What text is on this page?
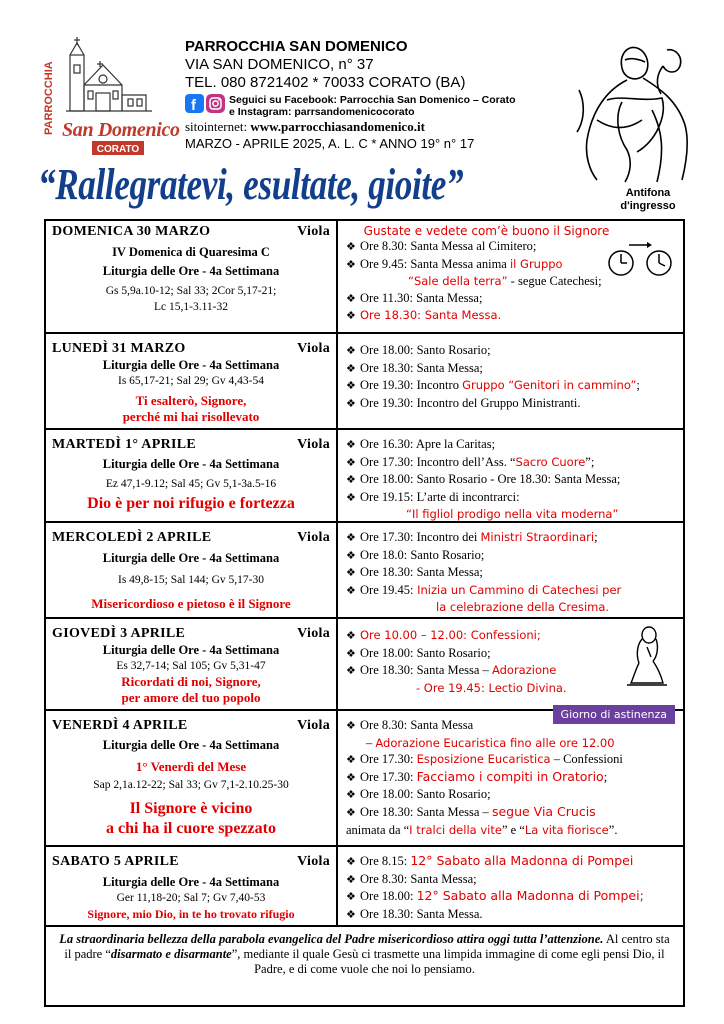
PARROCCHIA San Domenico
CORATO
PARROCCHIA SAN DOMENICO
VIA SAN DOMENICO, n° 37
TEL. 080 8721402 * 70033 CORATO (BA)
f	Seguici su Facebook: Parrocchia San Domenico – Corato
e Instagram: parrsandomenicocorato
sitointernet: www.parrocchiasandomenico.it
MARZO - APRILE 2025, A. L. C * ANNO 19° n° 17
Antifona d'ingresso
“Rallegratevi, esultate, gioite”
DOMENICA 30 MARZO	Viola
IV Domenica di Quaresima C
Liturgia delle Ore - 4a Settimana
Gs 5,9a.10-12; Sal 33; 2Cor 5,17-21;
Lc 15,1-3.11-32
Gustate e vedete com’è buono il Signore
❖ Ore 8.30: Santa Messa al Cimitero;
❖ Ore 9.45: Santa Messa anima il Gruppo
“Sale della terra” - segue Catechesi;
❖ Ore 11.30: Santa Messa;
❖ Ore 18.30: Santa Messa.
LUNEDÌ 31 MARZO	Viola
Liturgia delle Ore - 4a Settimana
Is 65,17-21; Sal 29; Gv 4,43-54
Ti esalterò, Signore,
perché mi hai risollevato
❖ Ore 18.00: Santo Rosario;
❖ Ore 18.30: Santa Messa;
❖ Ore 19.30: Incontro Gruppo “Genitori in cammino”;
❖ Ore 19.30: Incontro del Gruppo Ministranti.
MARTEDÌ 1° APRILE	Viola
Liturgia delle Ore - 4a Settimana
Ez 47,1-9.12; Sal 45; Gv 5,1-3a.5-16
Dio è per noi rifugio e fortezza
❖ Ore 16.30: Apre la Caritas;
❖ Ore 17.30: Incontro dell’Ass. “Sacro Cuore”;
❖ Ore 18.00: Santo Rosario - Ore 18.30: Santa Messa;
❖ Ore 19.15: L’arte di incontrarci:
“Il figliol prodigo nella vita moderna”
MERCOLEDÌ 2 APRILE	Viola
Liturgia delle Ore - 4a Settimana
Is 49,8-15; Sal 144; Gv 5,17-30
Misericordioso e pietoso è il Signore
❖ Ore 17.30: Incontro dei Ministri Straordinari;
❖ Ore 18.0: Santo Rosario;
❖ Ore 18.30: Santa Messa;
❖ Ore 19.45: Inizia un Cammino di Catechesi per
la celebrazione della Cresima.
GIOVEDÌ 3 APRILE	Viola
Liturgia delle Ore - 4a Settimana
Es 32,7-14; Sal 105; Gv 5,31-47
Ricordati di noi, Signore,
per amore del tuo popolo
❖ Ore 10.00 – 12.00: Confessioni;
❖ Ore 18.00: Santo Rosario;
❖ Ore 18.30: Santa Messa – Adorazione
- Ore 19.45: Lectio Divina.
VENERDÌ 4 APRILE	Viola
Liturgia delle Ore - 4a Settimana
1° Venerdì del Mese
Sap 2,1a.12-22; Sal 33; Gv 7,1-2.10.25-30
Il Signore è vicino
a chi ha il cuore spezzato
Giorno di astinenza
❖ Ore 8.30: Santa Messa
– Adorazione Eucaristica fino alle ore 12.00
❖ Ore 17.30: Esposizione Eucaristica – Confessioni
❖ Ore 17.30: Facciamo i compiti in Oratorio;
❖ Ore 18.00: Santo Rosario;
❖ Ore 18.30: Santa Messa – segue Via Crucis
animata da “I tralci della vite” e “La vita fiorisce”.
SABATO 5 APRILE	Viola
Liturgia delle Ore - 4a Settimana
Ger 11,18-20; Sal 7; Gv 7,40-53
Signore, mio Dio, in te ho trovato rifugio
❖ Ore 8.15: 12° Sabato alla Madonna di Pompei
❖ Ore 8.30: Santa Messa;
❖ Ore 18.00: 12° Sabato alla Madonna di Pompei;
❖ Ore 18.30: Santa Messa.
La straordinaria bellezza della parabola evangelica del Padre misericordioso attira oggi tutta l’attenzione. Al centro sta il padre “disarmato e disarmante”, mediante il quale Gesù ci trasmette una limpida immagine di come egli pensi Dio, il Padre, e di come vuole che noi lo pensiamo.
